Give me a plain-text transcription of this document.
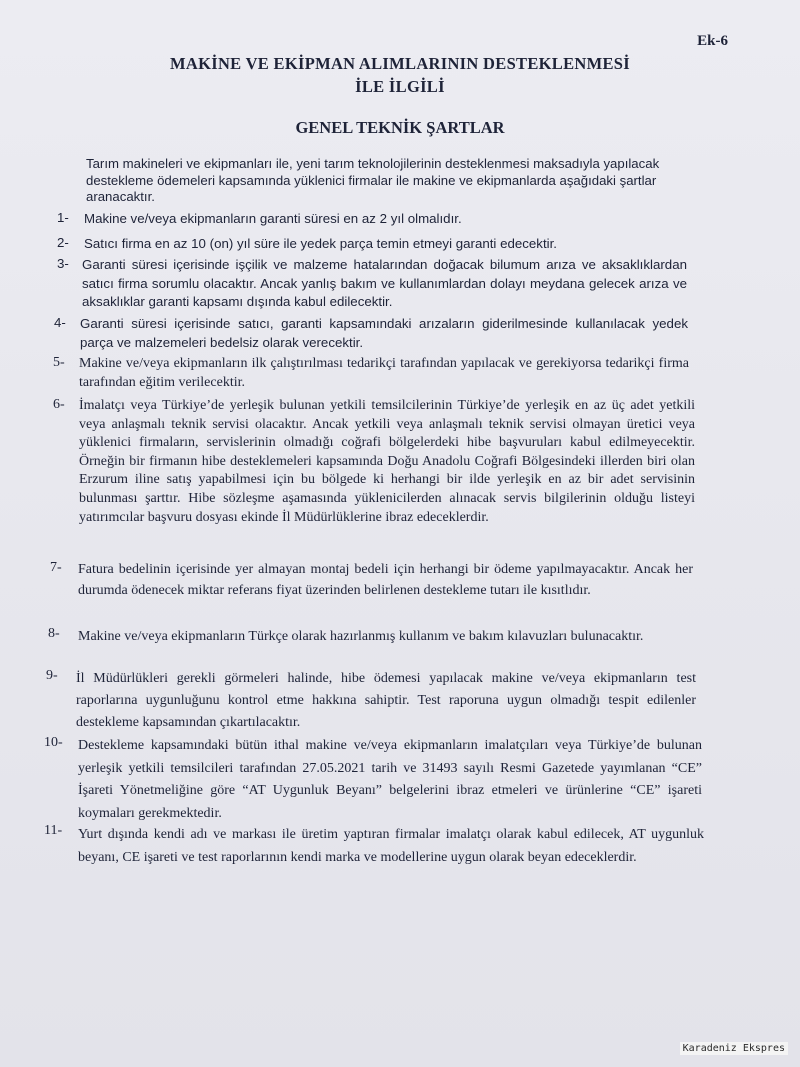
Ek-6
MAKİNE VE EKİPMAN ALIMLARININ DESTEKLENMESİ
İLE İLGİLİ
GENEL TEKNİK ŞARTLAR
Tarım makineleri ve ekipmanları ile, yeni tarım teknolojilerinin desteklenmesi maksadıyla yapılacak destekleme ödemeleri kapsamında yüklenici firmalar ile makine ve ekipmanlarda aşağıdaki şartlar aranacaktır.
1- Makine ve/veya ekipmanların garanti süresi en az 2 yıl olmalıdır.
2- Satıcı firma en az 10 (on) yıl süre ile yedek parça temin etmeyi garanti edecektir.
3- Garanti süresi içerisinde işçilik ve malzeme hatalarından doğacak bilumum arıza ve aksaklıklardan satıcı firma sorumlu olacaktır. Ancak yanlış bakım ve kullanımlardan dolayı meydana gelecek arıza ve aksaklıklar garanti kapsamı dışında kabul edilecektir.
4- Garanti süresi içerisinde satıcı, garanti kapsamındaki arızaların giderilmesinde kullanılacak yedek parça ve malzemeleri bedelsiz olarak verecektir.
5- Makine ve/veya ekipmanların ilk çalıştırılması tedarikçi tarafından yapılacak ve gerekiyorsa tedarikçi firma tarafından eğitim verilecektir.
6- İmalatçı veya Türkiye’de yerleşik bulunan yetkili temsilcilerinin Türkiye’de yerleşik en az üç adet yetkili veya anlaşmalı teknik servisi olacaktır. Ancak yetkili veya anlaşmalı teknik servisi olmayan üretici veya yüklenici firmaların, servislerinin olmadığı coğrafi bölgelerdeki hibe başvuruları kabul edilmeyecektir. Örneğin bir firmanın hibe desteklemeleri kapsamında Doğu Anadolu Coğrafi Bölgesindeki illerden biri olan Erzurum iline satış yapabilmesi için bu bölgede ki herhangi bir ilde yerleşik en az bir adet servisinin bulunması şarttır. Hibe sözleşme aşamasında yüklenicilerden alınacak servis bilgilerinin olduğu listeyi yatırımcılar başvuru dosyası ekinde İl Müdürlüklerine ibraz edeceklerdir.
7- Fatura bedelinin içerisinde yer almayan montaj bedeli için herhangi bir ödeme yapılmayacaktır. Ancak her durumda ödenecek miktar referans fiyat üzerinden belirlenen destekleme tutarı ile kısıtlıdır.
8- Makine ve/veya ekipmanların Türkçe olarak hazırlanmış kullanım ve bakım kılavuzları bulunacaktır.
9- İl Müdürlükleri gerekli görmeleri halinde, hibe ödemesi yapılacak makine ve/veya ekipmanların test raporlarına uygunluğunu kontrol etme hakkına sahiptir. Test raporuna uygun olmadığı tespit edilenler destekleme kapsamından çıkartılacaktır.
10- Destekleme kapsamındaki bütün ithal makine ve/veya ekipmanların imalatçıları veya Türkiye’de bulunan yerleşik yetkili temsilcileri tarafından 27.05.2021 tarih ve 31493 sayılı Resmi Gazetede yayımlanan “CE” İşareti Yönetmeliğine göre “AT Uygunluk Beyanı” belgelerini ibraz etmeleri ve ürünlerine “CE” işareti koymaları gerekmektedir.
11- Yurt dışında kendi adı ve markası ile üretim yaptıran firmalar imalatçı olarak kabul edilecek, AT uygunluk beyanı, CE işareti ve test raporlarının kendi marka ve modellerine uygun olarak beyan edeceklerdir.
Karadeniz Ekspres
